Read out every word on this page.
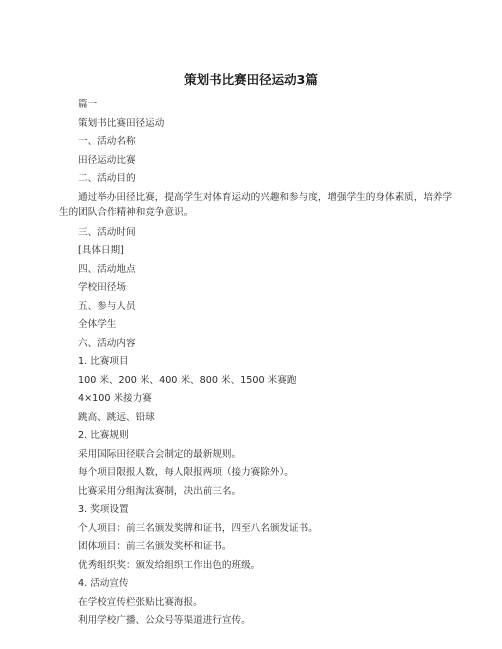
策划书比赛田径运动3篇
篇一
策划书比赛田径运动
一、活动名称
田径运动比赛
二、活动目的
通过举办田径比赛，提高学生对体育运动的兴趣和参与度，增强学生的身体素质，培养学生的团队合作精神和竞争意识。
三、活动时间
[具体日期]
四、活动地点
学校田径场
五、参与人员
全体学生
六、活动内容
1. 比赛项目
100 米、200 米、400 米、800 米、1500 米赛跑
4×100 米接力赛
跳高、跳远、铅球
2. 比赛规则
采用国际田径联合会制定的最新规则。
每个项目限报人数，每人限报两项（接力赛除外）。
比赛采用分组淘汰赛制，决出前三名。
3. 奖项设置
个人项目：前三名颁发奖牌和证书，四至八名颁发证书。
团体项目：前三名颁发奖杯和证书。
优秀组织奖：颁发给组织工作出色的班级。
4. 活动宣传
在学校宣传栏张贴比赛海报。
利用学校广播、公众号等渠道进行宣传。
